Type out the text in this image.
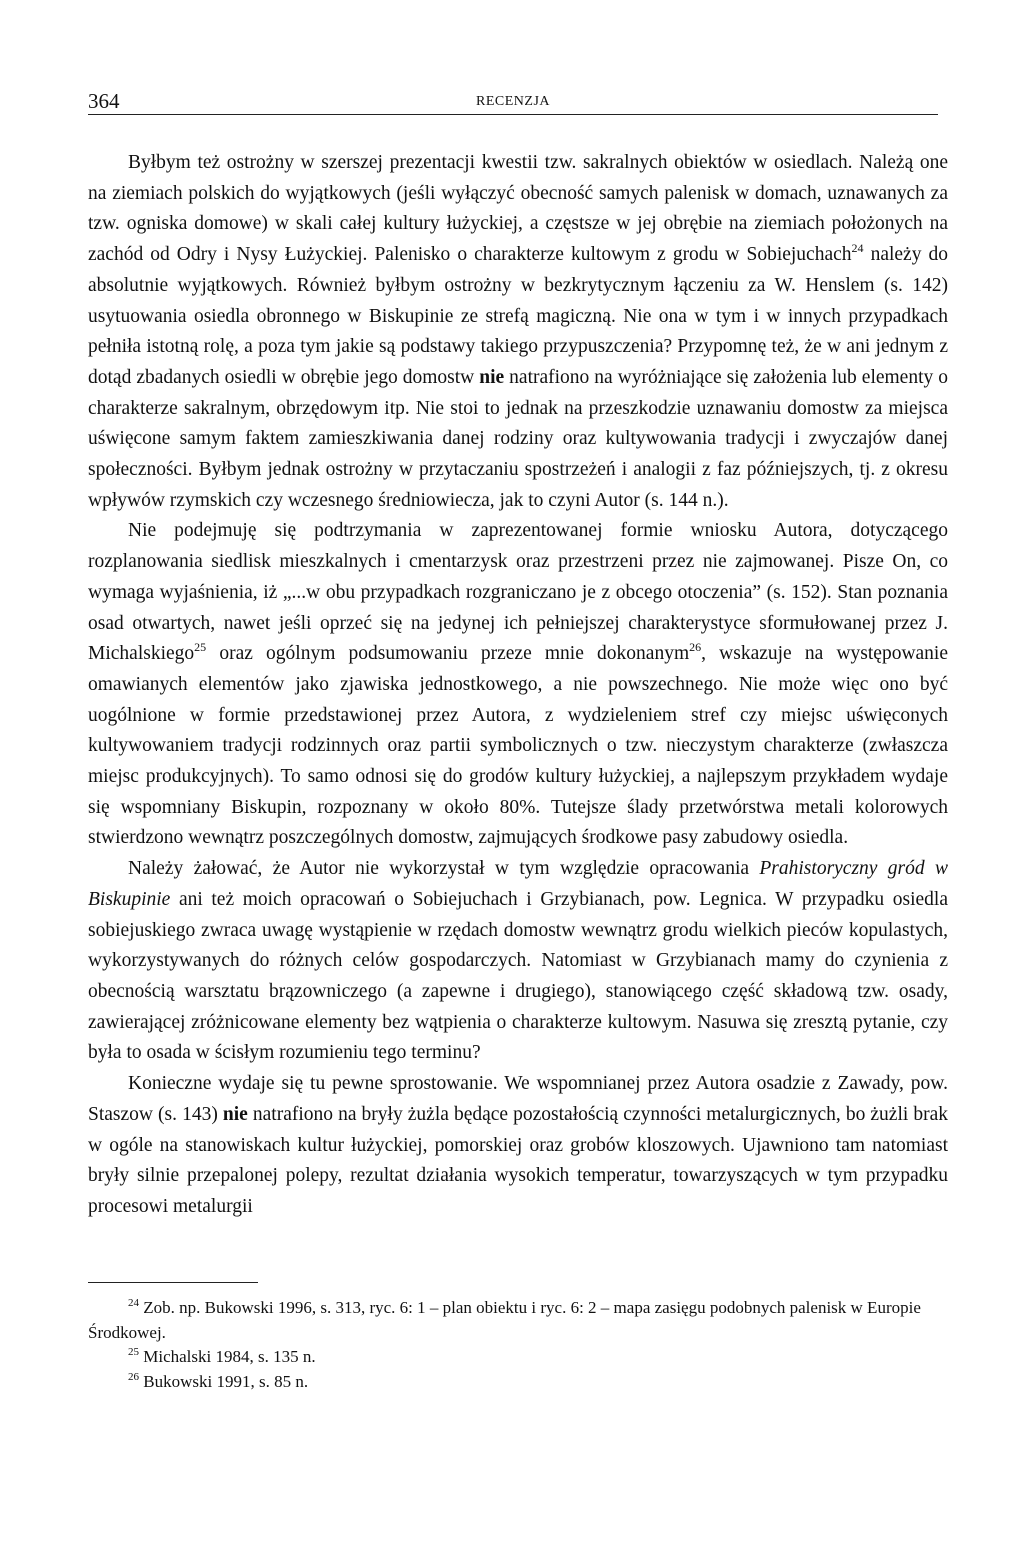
364	RECENZJA

Byłbym też ostrożny w szerszej prezentacji kwestii tzw. sakralnych obiektów w osiedlach. Należą one na ziemiach polskich do wyjątkowych (jeśli wyłączyć obecność samych palenisk w domach, uznawanych za tzw. ogniska domowe) w skali całej kultury łużyckiej, a częstsze w jej obrębie na ziemiach położonych na zachód od Odry i Nysy Łużyckiej. Palenisko o charakterze kultowym z grodu w Sobiejuchach$^{24}$ należy do absolutnie wyjątkowych. Również byłbym ostrożny w bezkrytycznym łączeniu za W. Henslem (s. 142) usytuowania osiedla obronnego w Biskupinie ze strefą magiczną. Nie ona w tym i w innych przypadkach pełniła istotną rolę, a poza tym jakie są podstawy takiego przypuszczenia? Przypomnę też, że w ani jednym z dotąd zbadanych osiedli w obrębie jego domostw nie natrafiono na wyróżniające się założenia lub elementy o charakterze sakralnym, obrzędowym itp. Nie stoi to jednak na przeszkodzie uznawaniu domostw za miejsca uświęcone samym faktem zamieszkiwania danej rodziny oraz kultywowania tradycji i zwyczajów danej społeczności. Byłbym jednak ostrożny w przytaczaniu spostrzeżeń i analogii z faz późniejszych, tj. z okresu wpływów rzymskich czy wczesnego średniowiecza, jak to czyni Autor (s. 144 n.).

Nie podejmuję się podtrzymania w zaprezentowanej formie wniosku Autora, dotyczącego rozplanowania siedlisk mieszkalnych i cmentarzysk oraz przestrzeni przez nie zajmowanej. Pisze On, co wymaga wyjaśnienia, iż „...w obu przypadkach rozgraniczano je z obcego otoczenia” (s. 152). Stan poznania osad otwartych, nawet jeśli oprzeć się na jedynej ich pełniejszej charakterystyce sformułowanej przez J. Michalskiego$^{25}$ oraz ogólnym podsumowaniu przeze mnie dokonanym$^{26}$, wskazuje na występowanie omawianych elementów jako zjawiska jednostkowego, a nie powszechnego. Nie może więc ono być uogólnione w formie przedstawionej przez Autora, z wydzieleniem stref czy miejsc uświęconych kultywowaniem tradycji rodzinnych oraz partii symbolicznych o tzw. nieczystym charakterze (zwłaszcza miejsc produkcyjnych). To samo odnosi się do grodów kultury łużyckiej, a najlepszym przykładem wydaje się wspomniany Biskupin, rozpoznany w około 80%. Tutejsze ślady przetwórstwa metali kolorowych stwierdzono wewnątrz poszczególnych domostw, zajmujących środkowe pasy zabudowy osiedla.

Należy żałować, że Autor nie wykorzystał w tym względzie opracowania Prahistoryczny gród w Biskupinie ani też moich opracowań o Sobiejuchach i Grzybianach, pow. Legnica. W przypadku osiedla sobiejuskiego zwraca uwagę wystąpienie w rzędach domostw wewnątrz grodu wielkich pieców kopulastych, wykorzystywanych do różnych celów gospodarczych. Natomiast w Grzybianach mamy do czynienia z obecnością warsztatu brązowniczego (a zapewne i drugiego), stanowiącego część składową tzw. osady, zawierającej zróżnicowane elementy bez wątpienia o charakterze kultowym. Nasuwa się zresztą pytanie, czy była to osada w ścisłym rozumieniu tego terminu?

Konieczne wydaje się tu pewne sprostowanie. We wspomnianej przez Autora osadzie z Zawady, pow. Staszow (s. 143) nie natrafiono na bryły żużla będące pozostałością czynności metalurgicznych, bo żużli brak w ogóle na stanowiskach kultur łużyckiej, pomorskiej oraz grobów kloszowych. Ujawniono tam natomiast bryły silnie przepalonej polepy, rezultat działania wysokich temperatur, towarzyszących w tym przypadku procesowi metalurgii

$^{24}$ Zob. np. Bukowski 1996, s. 313, ryc. 6: 1 – plan obiektu i ryc. 6: 2 – mapa zasięgu podobnych palenisk w Europie Środkowej.

$^{25}$ Michalski 1984, s. 135 n.

$^{26}$ Bukowski 1991, s. 85 n.
